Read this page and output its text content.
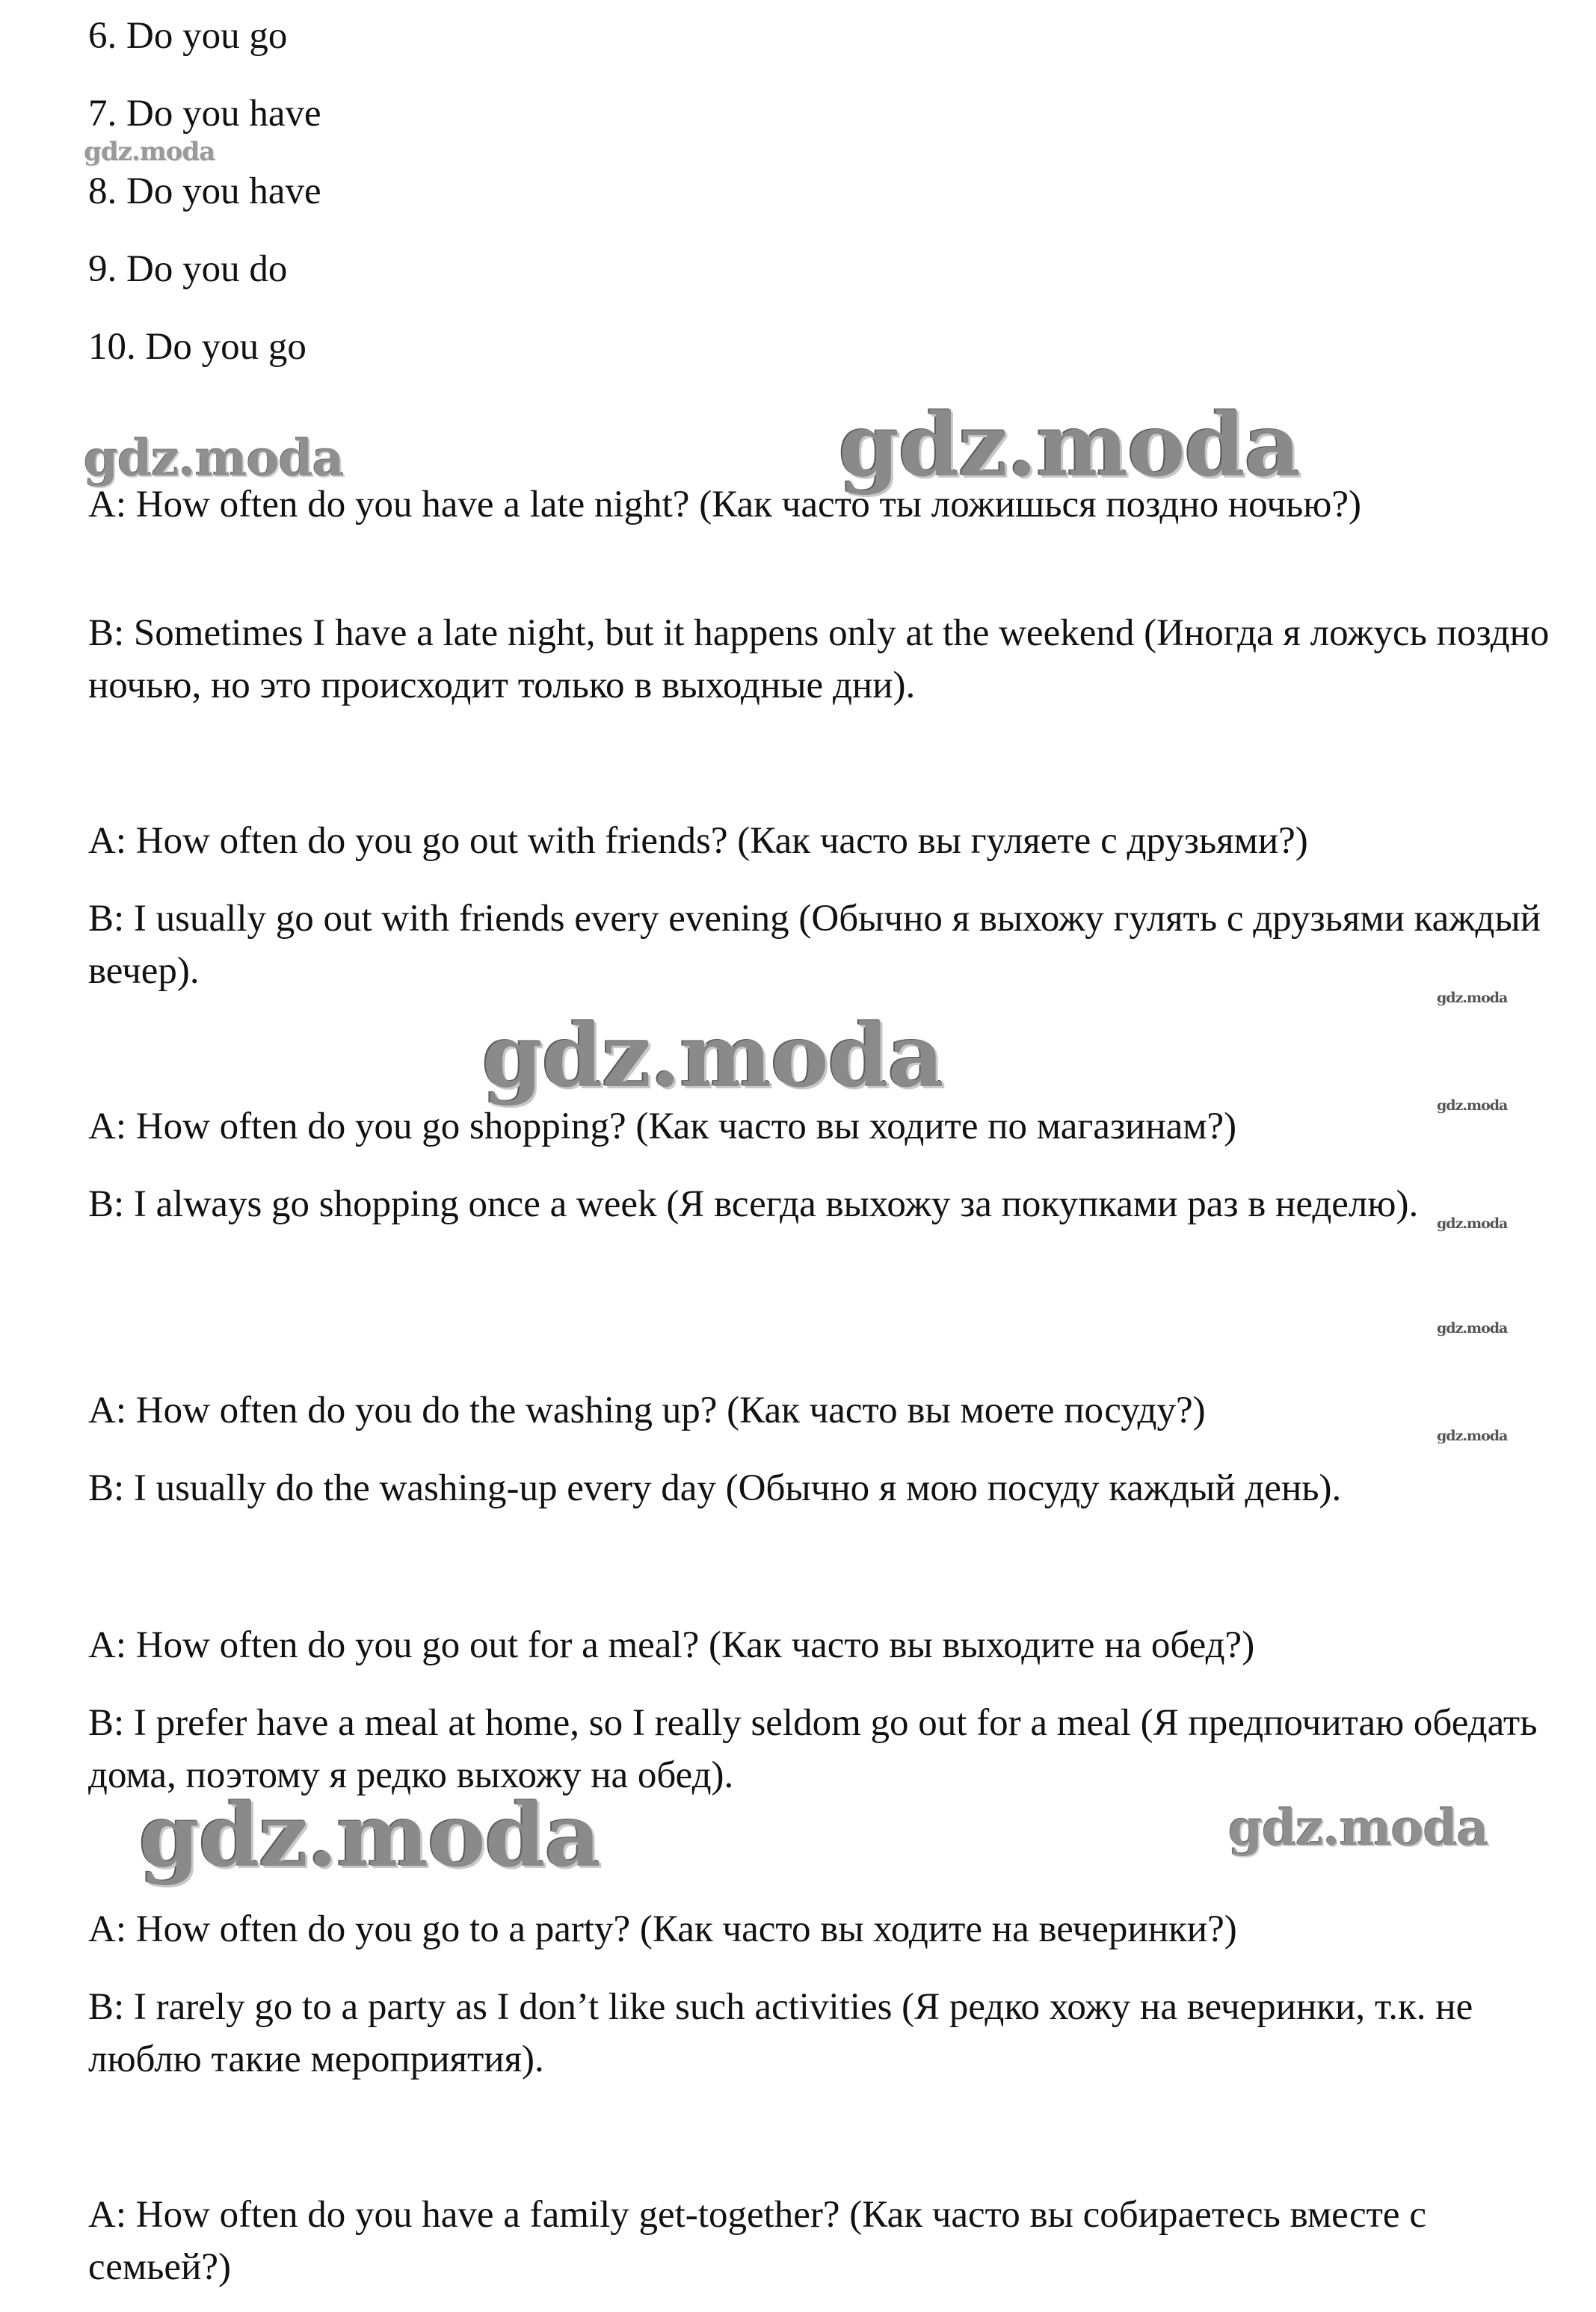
6. Do you go

7. Do you have

8. Do you have

9. Do you do

10. Do you go

A: How often do you have a late night? (Как часто ты ложишься поздно ночью?)

B: Sometimes I have a late night, but it happens only at the weekend (Иногда я ложусь поздно ночью, но это происходит только в выходные дни).

A: How often do you go out with friends? (Как часто вы гуляете с друзьями?)

B: I usually go out with friends every evening (Обычно я выхожу гулять с друзьями каждый вечер).

A: How often do you go shopping? (Как часто вы ходите по магазинам?)

B: I always go shopping once a week (Я всегда выхожу за покупками раз в неделю).

A: How often do you do the washing up? (Как часто вы моете посуду?)

B: I usually do the washing-up every day (Обычно я мою посуду каждый день).

A: How often do you go out for a meal? (Как часто вы выходите на обед?)

B: I prefer have a meal at home, so I really seldom go out for a meal (Я предпочитаю обедать дома, поэтому я редко выхожу на обед).

A: How often do you go to a party? (Как часто вы ходите на вечеринки?)

B: I rarely go to a party as I don’t like such activities (Я редко хожу на вечеринки, т.к. не люблю такие мероприятия).

A: How often do you have a family get-together? (Как часто вы собираетесь вместе с семьей?)

gdz.moda
gdz.moda	gdz.moda
gdz.moda
gdz.moda	gdz.moda
gdz.moda
gdz.moda
gdz.moda
gdz.moda	gdz.moda
